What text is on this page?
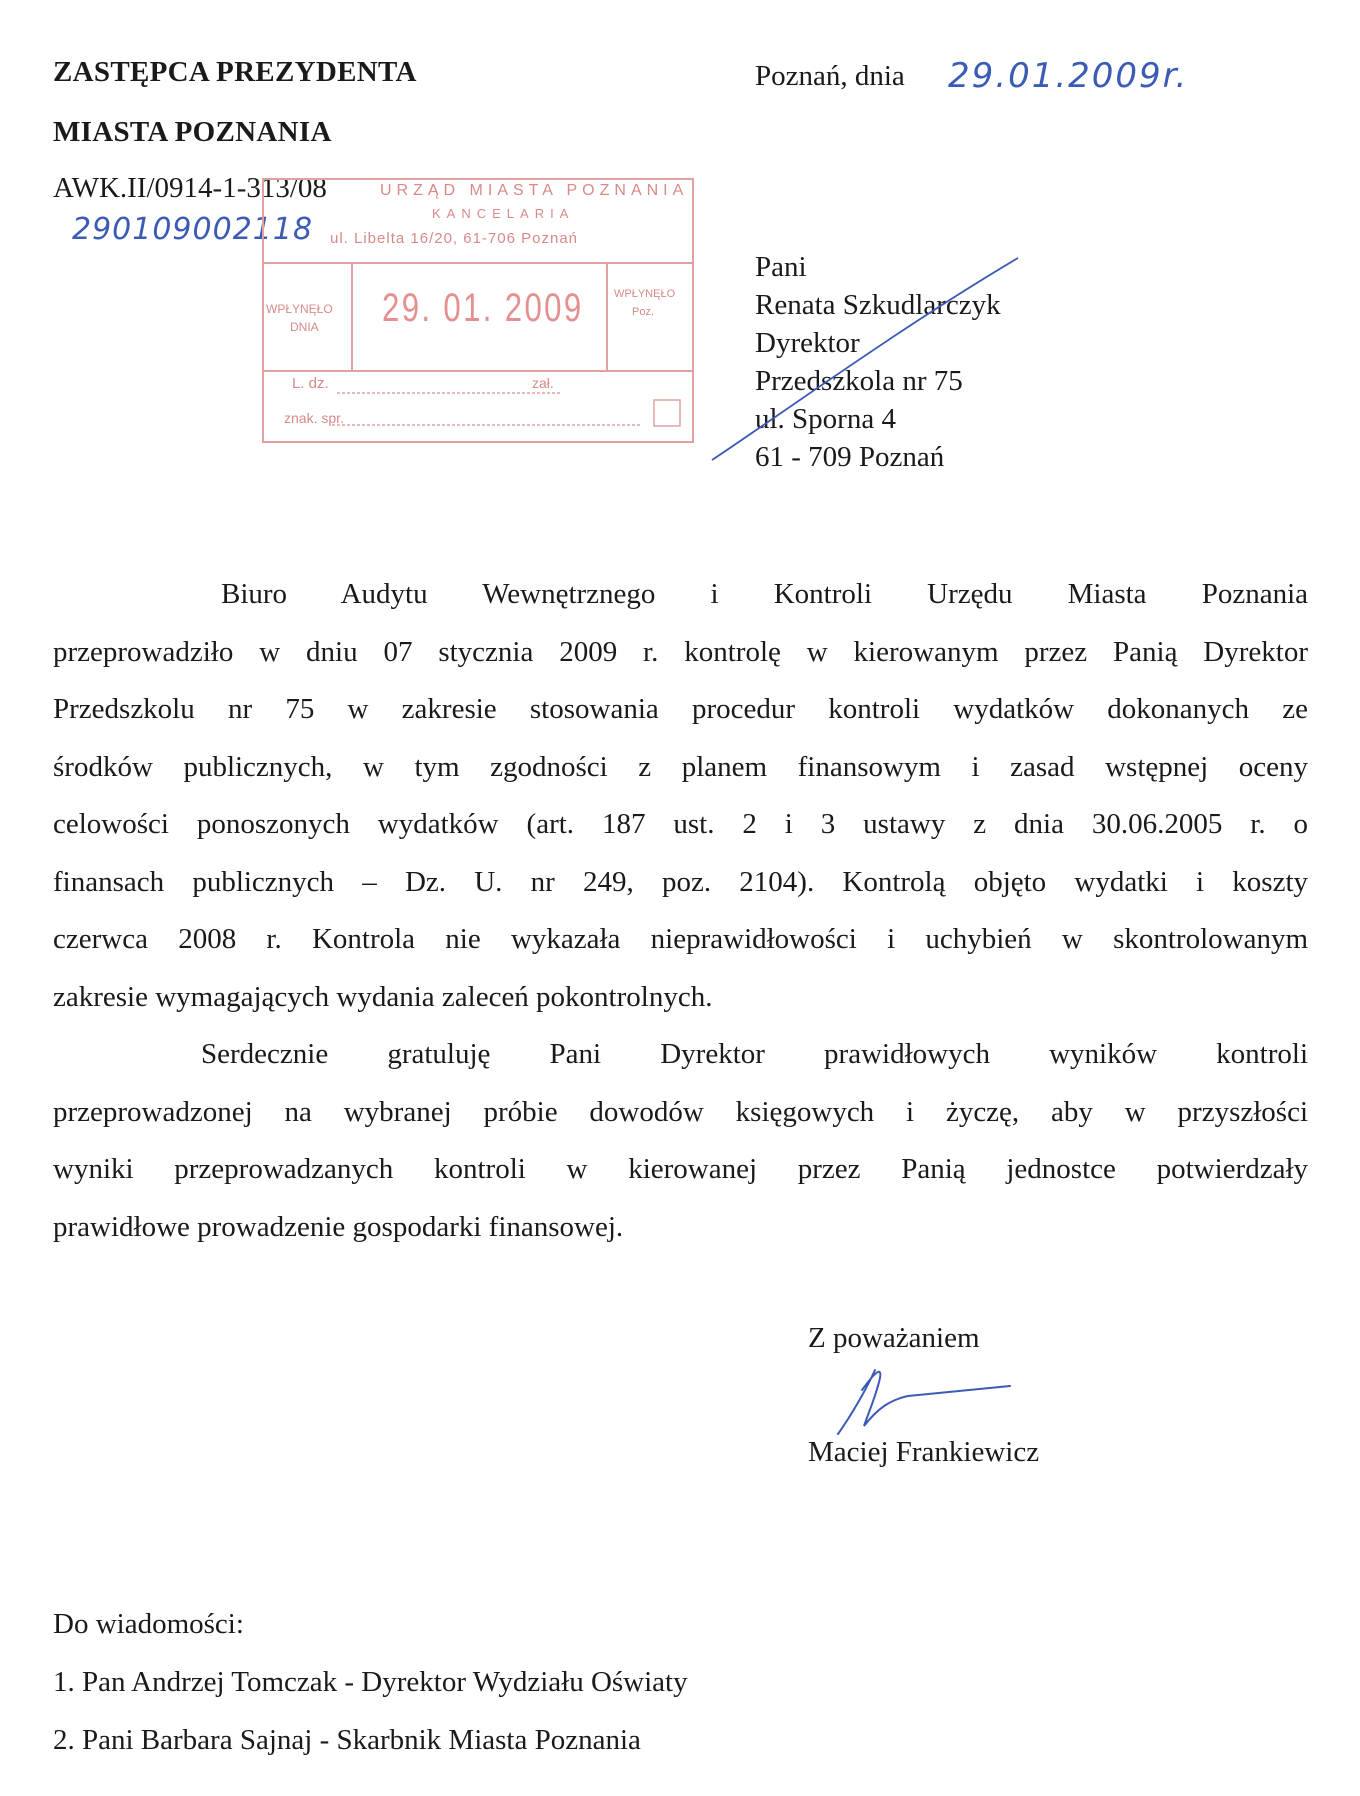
ZASTĘPCA PREZYDENTA
MIASTA POZNANIA
AWK.II/0914-1-313/08
290109002118
Poznań, dnia 29.01.2009r.
URZĄD MIASTA POZNANIA
KANCELARIA
ul. Libelta 16/20, 61-706 Poznań
WPŁYNĘŁO
DNIA 29. 01. 2009	WPŁYNĘŁO
Poz.
L. dz.	zał.
znak. spr.
Pani
Renata Szkudlarczyk
Dyrektor
Przedszkola nr 75
ul. Sporna 4
61 - 709 Poznań
Biuro Audytu Wewnętrznego i Kontroli Urzędu Miasta Poznania
przeprowadziło w dniu 07 stycznia 2009 r. kontrolę w kierowanym przez Panią Dyrektor
Przedszkolu nr 75 w zakresie stosowania procedur kontroli wydatków dokonanych ze
środków publicznych, w tym zgodności z planem finansowym i zasad wstępnej oceny
celowości ponoszonych wydatków (art. 187 ust. 2 i 3 ustawy z dnia 30.06.2005 r. o
finansach publicznych – Dz. U. nr 249, poz. 2104). Kontrolą objęto wydatki i koszty
czerwca 2008 r. Kontrola nie wykazała nieprawidłowości i uchybień w skontrolowanym
zakresie wymagających wydania zaleceń pokontrolnych.
Serdecznie gratuluję Pani Dyrektor prawidłowych wyników kontroli
przeprowadzonej na wybranej próbie dowodów księgowych i życzę, aby w przyszłości
wyniki przeprowadzanych kontroli w kierowanej przez Panią jednostce potwierdzały
prawidłowe prowadzenie gospodarki finansowej.
Z poważaniem
Maciej Frankiewicz
Do wiadomości:
1. Pan Andrzej Tomczak - Dyrektor Wydziału Oświaty
2. Pani Barbara Sajnaj - Skarbnik Miasta Poznania
